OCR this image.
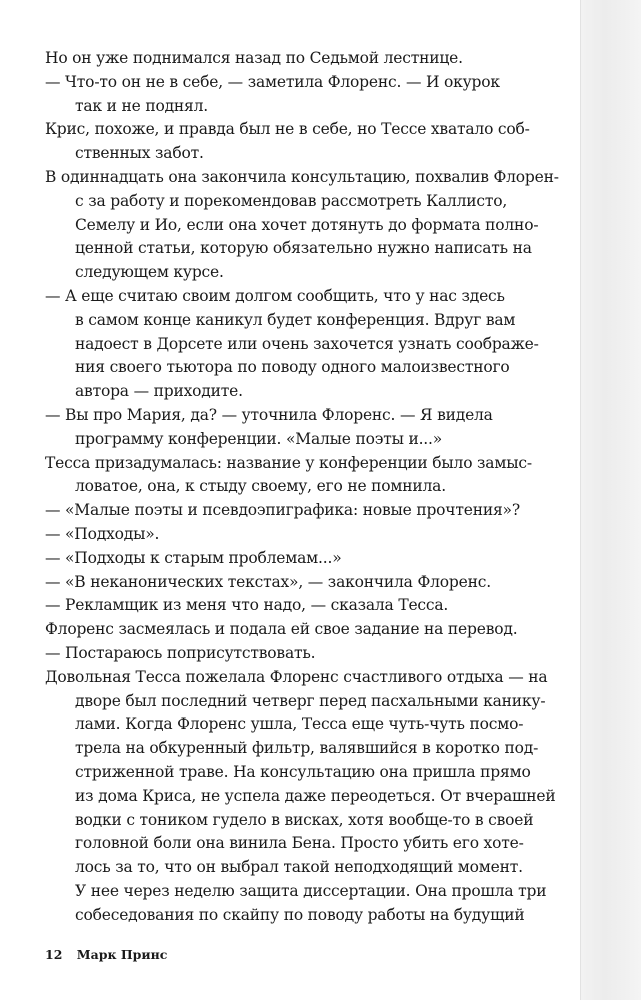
Но он уже поднимался назад по Седьмой лестнице.
— Что-то он не в себе, — заметила Флоренс. — И окурок
так и не поднял.
Крис, похоже, и правда был не в себе, но Тессе хватало соб-
ственных забот.
В одиннадцать она закончила консультацию, похвалив Флорен-
с за работу и порекомендовав рассмотреть Каллисто,
Семелу и Ио, если она хочет дотянуть до формата полно-
ценной статьи, которую обязательно нужно написать на
следующем курсе.
— А еще считаю своим долгом сообщить, что у нас здесь
в самом конце каникул будет конференция. Вдруг вам
надоест в Дорсете или очень захочется узнать соображе-
ния своего тьютора по поводу одного малоизвестного
автора — приходите.
— Вы про Мария, да? — уточнила Флоренс. — Я видела
программу конференции. «Малые поэты и...»
Тесса призадумалась: название у конференции было замыс-
ловатое, она, к стыду своему, его не помнила.
— «Малые поэты и псевдоэпиграфика: новые прочтения»?
— «Подходы».
— «Подходы к старым проблемам...»
— «В неканонических текстах», — закончила Флоренс.
— Рекламщик из меня что надо, — сказала Тесса.
Флоренс засмеялась и подала ей свое задание на перевод.
— Постараюсь поприсутствовать.
Довольная Тесса пожелала Флоренс счастливого отдыха — на
дворе был последний четверг перед пасхальными канику-
лами. Когда Флоренс ушла, Тесса еще чуть-чуть посмо-
трела на обкуренный фильтр, валявшийся в коротко под-
стриженной траве. На консультацию она пришла прямо
из дома Криса, не успела даже переодеться. От вчерашней
водки с тоником гудело в висках, хотя вообще-то в своей
головной боли она винила Бена. Просто убить его хоте-
лось за то, что он выбрал такой неподходящий момент.
У нее через неделю защита диссертации. Она прошла три
собеседования по скайпу по поводу работы на будущий
12 Марк Принс
